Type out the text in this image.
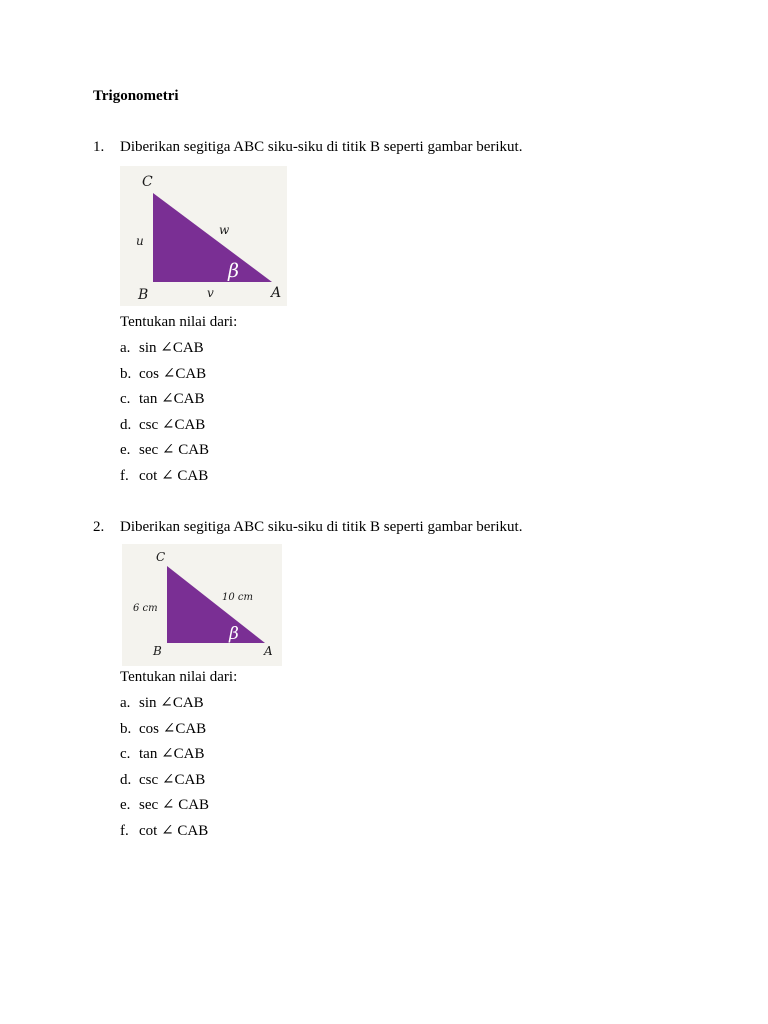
Trigonometri
1. Diberikan segitiga ABC siku-siku di titik B seperti gambar berikut.
C
B	A
u
w
v
β
Tentukan nilai dari:
a. sin ∠CAB
b. cos ∠CAB
c. tan ∠CAB
d. csc ∠CAB
e. sec ∠ CAB
f. cot ∠ CAB
2. Diberikan segitiga ABC siku-siku di titik B seperti gambar berikut.
C
B	A
6 cm
10 cm
β
Tentukan nilai dari:
a. sin ∠CAB
b. cos ∠CAB
c. tan ∠CAB
d. csc ∠CAB
e. sec ∠ CAB
f. cot ∠ CAB
